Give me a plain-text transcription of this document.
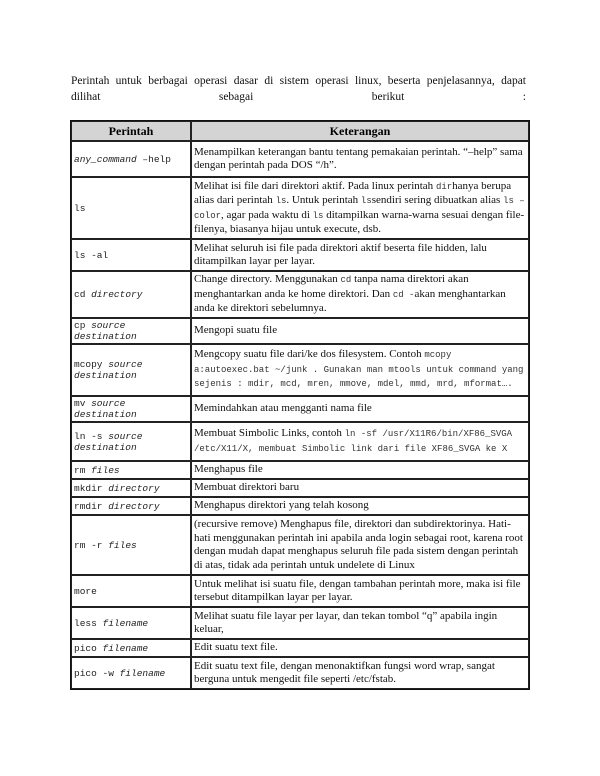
Perintah untuk berbagai operasi dasar di sistem operasi linux, beserta penjelasannya, dapat

dilihat sebagai berikut :

Perintah	Keterangan
any_command –help	Menampilkan keterangan bantu tentang pemakaian perintah. “–help” sama dengan perintah pada DOS “/h”.
ls	Melihat isi file dari direktori aktif. Pada linux perintah dirhanya berupa alias dari perintah ls. Untuk perintah lssendiri sering dibuatkan alias ls –color, agar pada waktu di ls ditampilkan warna-warna sesuai dengan file-filenya, biasanya hijau untuk execute, dsb.
ls -al	Melihat seluruh isi file pada direktori aktif beserta file hidden, lalu ditampilkan layar per layar.
cd directory	Change directory. Menggunakan cd tanpa nama direktori akan menghantarkan anda ke home direktori. Dan cd -akan menghantarkan anda ke direktori sebelumnya.
cp source destination	Mengopi suatu file
mcopy source destination	Mengcopy suatu file dari/ke dos filesystem. Contoh mcopy a:autoexec.bat ~/junk . Gunakan man mtools untuk command yang sejenis : mdir, mcd, mren, mmove, mdel, mmd, mrd, mformat….
mv source destination	Memindahkan atau mengganti nama file
ln -s source destination	Membuat Simbolic Links, contoh ln -sf /usr/X11R6/bin/XF86_SVGA /etc/X11/X, membuat Simbolic link dari file XF86_SVGA ke X
rm files	Menghapus file
mkdir directory	Membuat direktori baru
rmdir directory	Menghapus direktori yang telah kosong
rm -r files	(recursive remove) Menghapus file, direktori dan subdirektorinya. Hati-hati menggunakan perintah ini apabila anda login sebagai root, karena root dengan mudah dapat menghapus seluruh file pada sistem dengan perintah di atas, tidak ada perintah untuk undelete di Linux
more	Untuk melihat isi suatu file, dengan tambahan perintah more, maka isi file tersebut ditampilkan layar per layar.
less filename	Melihat suatu file layar per layar, dan tekan tombol “q” apabila ingin keluar,
pico filename	Edit suatu text file.
pico -w filename	Edit suatu text file, dengan menonaktifkan fungsi word wrap, sangat berguna untuk mengedit file seperti /etc/fstab.
